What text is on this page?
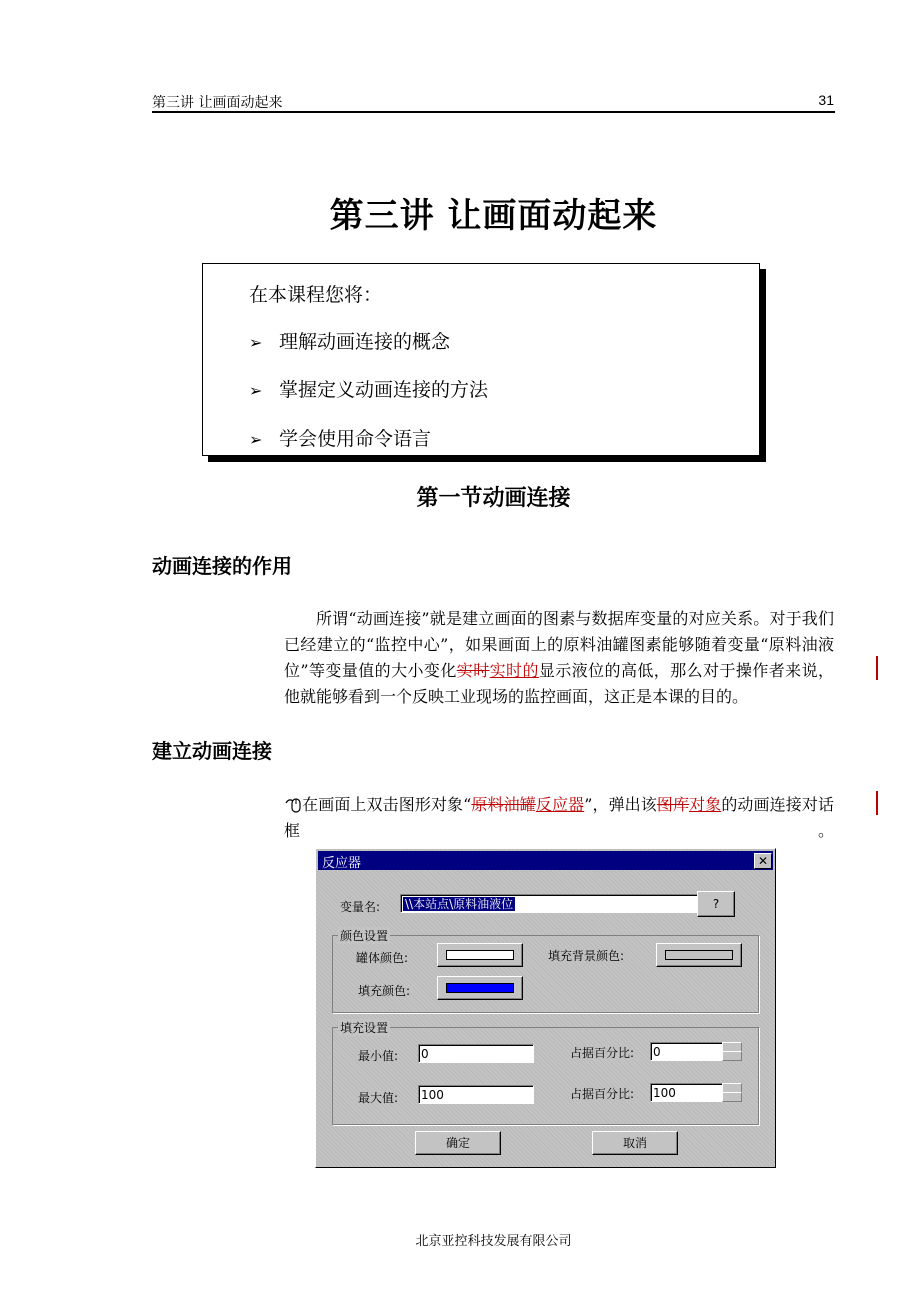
第三讲 让画面动起来	31
第三讲 让画面动起来
在本课程您将：
➢ 理解动画连接的概念
➢ 掌握定义动画连接的方法
➢ 学会使用命令语言
第一节动画连接
动画连接的作用
所谓“动画连接”就是建立画面的图素与数据库变量的对应关系。对于我们已经建立的“监控中心”，如果画面上的原料油罐图素能够随着变量“原料油液位”等变量值的大小变化实时实时的显示液位的高低，那么对于操作者来说，他就能够看到一个反映工业现场的监控画面，这正是本课的目的。
建立动画连接
在画面上双击图形对象“原料油罐反应器”，弹出该图库对象的动画连接对话框。
反应器	✕
变量名:	\\本站点\原料油液位	?
颜色设置
罐体颜色:	填充背景颜色:
填充颜色:
填充设置
最小值: 0	占据百分比: 0
最大值: 100	占据百分比: 100
确定	取消
北京亚控科技发展有限公司
